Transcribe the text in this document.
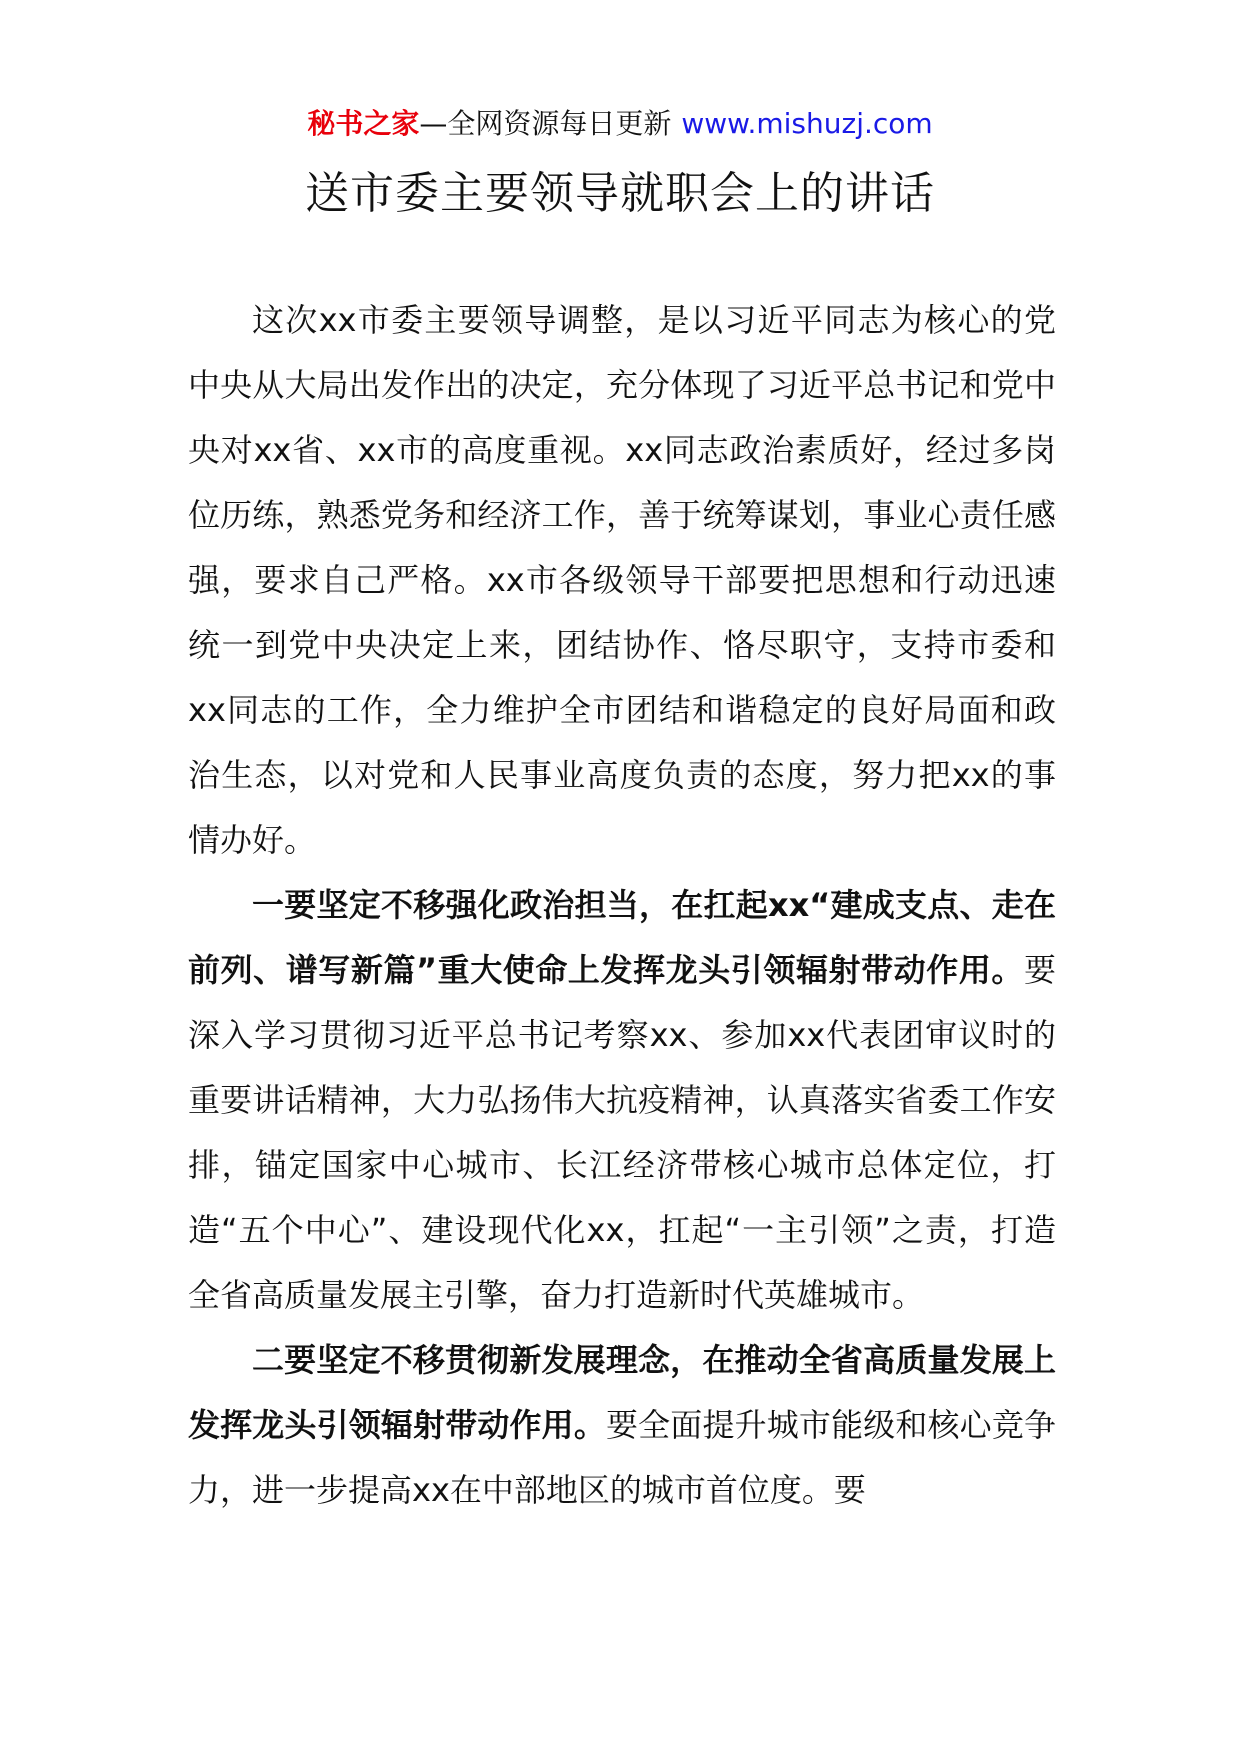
秘书之家—全网资源每日更新 www.mishuzj.com
送市委主要领导就职会上的讲话

这次xx市委主要领导调整，是以习近平同志为核心的党中央从大局出发作出的决定，充分体现了习近平总书记和党中央对xx省、xx市的高度重视。xx同志政治素质好，经过多岗位历练，熟悉党务和经济工作，善于统筹谋划，事业心责任感强，要求自己严格。xx市各级领导干部要把思想和行动迅速统一到党中央决定上来，团结协作、恪尽职守，支持市委和xx同志的工作，全力维护全市团结和谐稳定的良好局面和政治生态，以对党和人民事业高度负责的态度，努力把xx的事情办好。

一要坚定不移强化政治担当，在扛起xx“建成支点、走在前列、谱写新篇”重大使命上发挥龙头引领辐射带动作用。要深入学习贯彻习近平总书记考察xx、参加xx代表团审议时的重要讲话精神，大力弘扬伟大抗疫精神，认真落实省委工作安排，锚定国家中心城市、长江经济带核心城市总体定位，打造“五个中心”、建设现代化xx，扛起“一主引领”之责，打造全省高质量发展主引擎，奋力打造新时代英雄城市。

二要坚定不移贯彻新发展理念，在推动全省高质量发展上发挥龙头引领辐射带动作用。要全面提升城市能级和核心竞争力，进一步提高xx在中部地区的城市首位度。要
